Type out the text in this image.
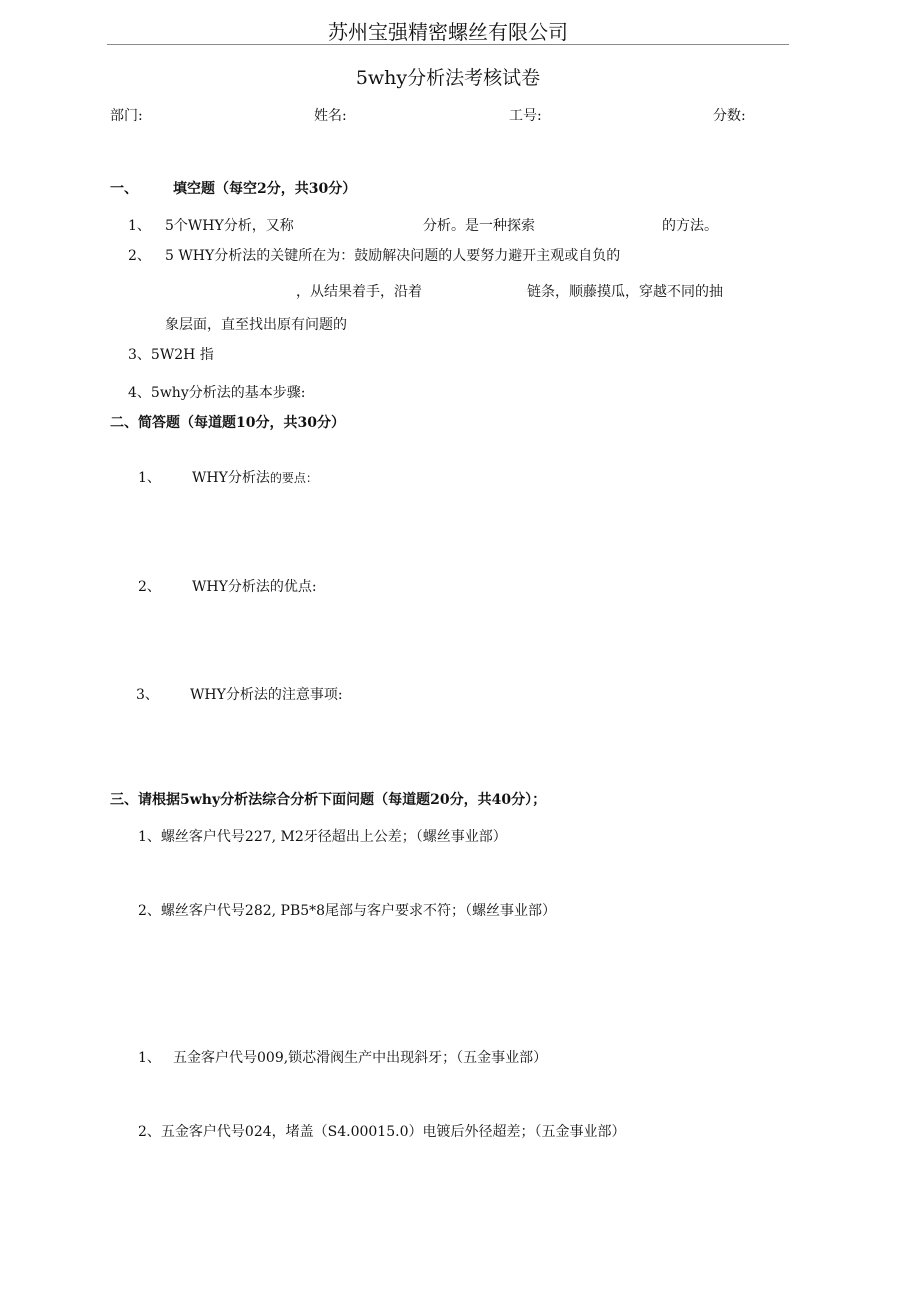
苏州宝强精密螺丝有限公司
5why分析法考核试卷
部门:	姓名:	工号:	分数:
一、	填空题（每空2分，共30分）
1、 5个WHY分析，又称	分析。是一种探索	的方法。
2、 5 WHY分析法的关键所在为：鼓励解决问题的人要努力避开主观或自负的
，从结果着手，沿着	链条，顺藤摸瓜，穿越不同的抽
象层面，直至找出原有问题的
3、5W2H 指
4、5why分析法的基本步骤:
二、简答题（每道题10分，共30分）
1、 WHY分析法的要点：
2、 WHY分析法的优点:
3、 WHY分析法的注意事项:
三、请根据5why分析法综合分析下面问题（每道题20分，共40分）；
1、螺丝客户代号227, M2牙径超出上公差；（螺丝事业部）
2、螺丝客户代号282, PB5*8尾部与客户要求不符；（螺丝事业部）
1、 五金客户代号009,锁芯滑阀生产中出现斜牙；（五金事业部）
2、五金客户代号024，堵盖（S4.00015.0）电镀后外径超差；（五金事业部）
